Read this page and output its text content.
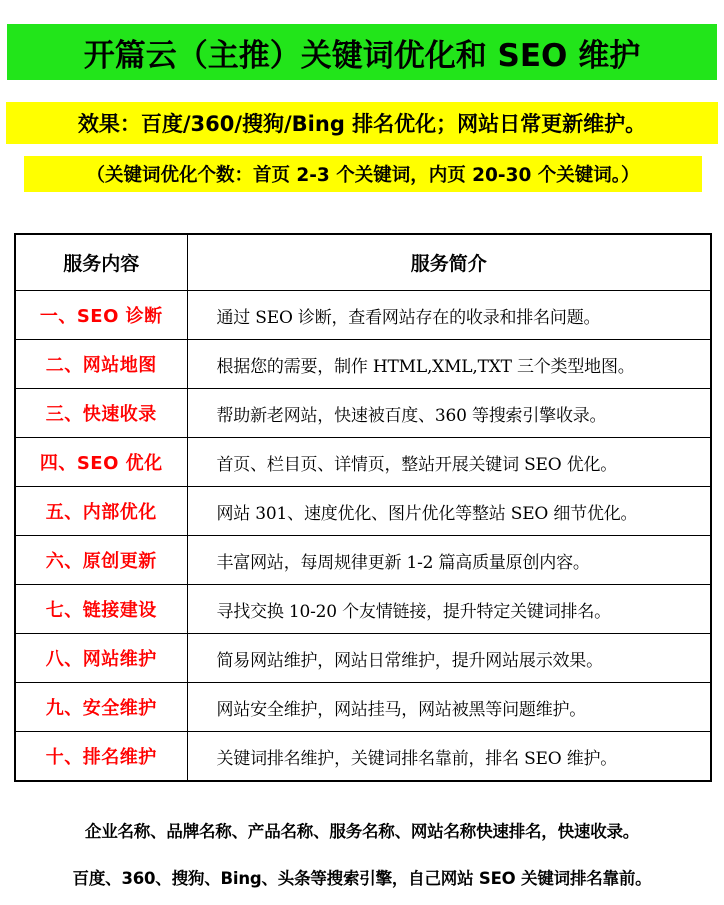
开篇云（主推）关键词优化和 SEO 维护
效果：百度/360/搜狗/Bing 排名优化；网站日常更新维护。
（关键词优化个数：首页 2-3 个关键词，内页 20-30 个关键词。）
服务内容	服务简介
一、SEO 诊断	通过 SEO 诊断，查看网站存在的收录和排名问题。
二、网站地图	根据您的需要，制作 HTML,XML,TXT 三个类型地图。
三、快速收录	帮助新老网站，快速被百度、360 等搜索引擎收录。
四、SEO 优化	首页、栏目页、详情页，整站开展关键词 SEO 优化。
五、内部优化	网站 301、速度优化、图片优化等整站 SEO 细节优化。
六、原创更新	丰富网站，每周规律更新 1-2 篇高质量原创内容。
七、链接建设	寻找交换 10-20 个友情链接，提升特定关键词排名。
八、网站维护	简易网站维护，网站日常维护，提升网站展示效果。
九、安全维护	网站安全维护，网站挂马，网站被黑等问题维护。
十、排名维护	关键词排名维护，关键词排名靠前，排名 SEO 维护。
企业名称、品牌名称、产品名称、服务名称、网站名称快速排名，快速收录。
百度、360、搜狗、Bing、头条等搜索引擎，自己网站 SEO 关键词排名靠前。
